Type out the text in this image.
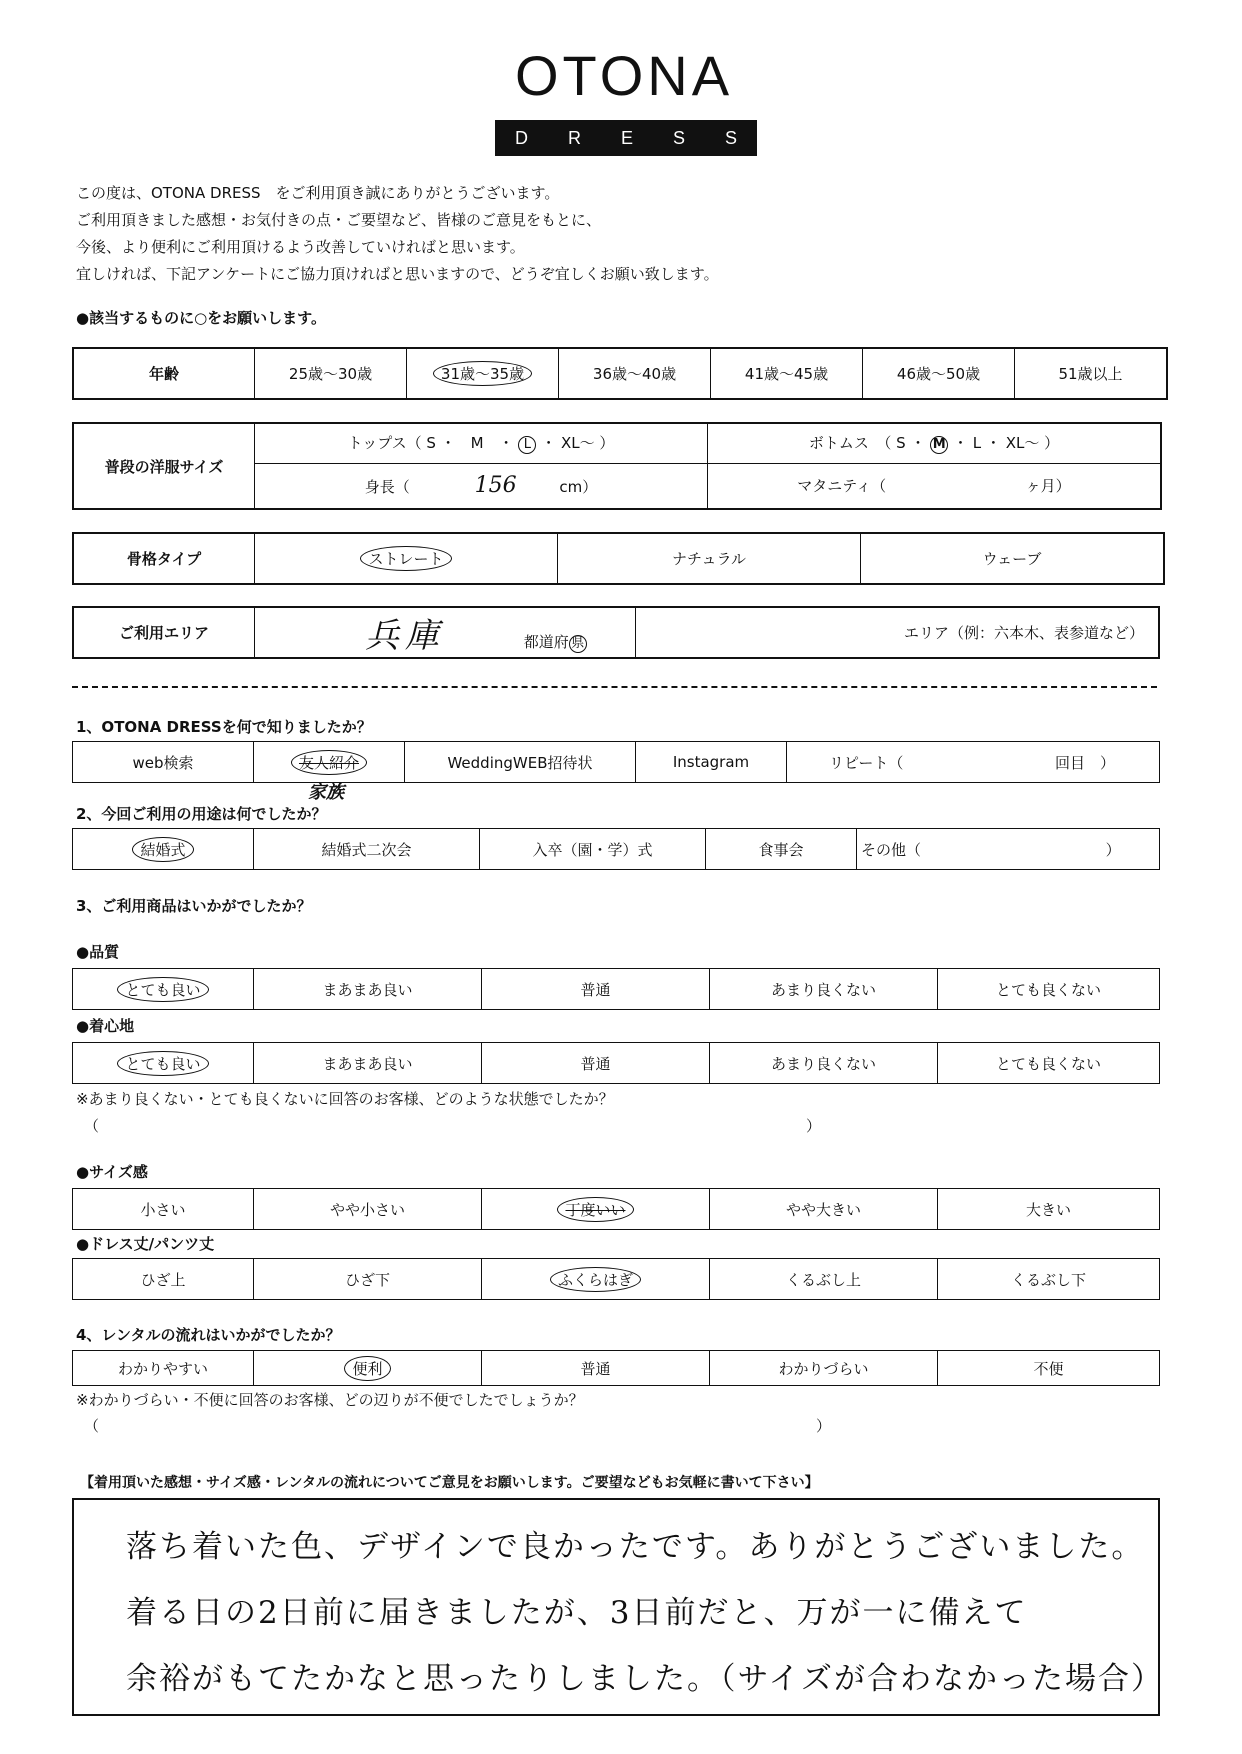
OTONA
D R E S S
この度は、OTONA DRESS　をご利用頂き誠にありがとうございます。
ご利用頂きました感想・お気付きの点・ご要望など、皆様のご意見をもとに、
今後、より便利にご利用頂けるよう改善していければと思います。
宜しければ、下記アンケートにご協力頂ければと思いますので、どうぞ宜しくお願い致します。
●該当するものに○をお願いします。
年齢	25歳～30歳	31歳～35歳	36歳～40歳	41歳～45歳	46歳～50歳	51歳以上
普段の洋服サイズ	トップス（ S ・　M　・ L ・ XL～ ）	ボトムス　（ S ・ M ・ L ・ XL～ ）
	身長（ 156 cm）	マタニティ（ ヶ月）
骨格タイプ	ストレート	ナチュラル	ウェーブ
ご利用エリア	兵庫	都道府 県	エリア（例：六本木、表参道など）
1、OTONA DRESSを何で知りましたか？
web検索	友人紹介	WeddingWEB招待状	Instagram	リピート（	回目　）
家族
2、今回ご利用の用途は何でしたか？
結婚式	結婚式二次会	入卒（園・学）式	食事会	その他（	）
3、ご利用商品はいかがでしたか？
●品質
とても良い	まあまあ良い	普通	あまり良くない	とても良くない
●着心地
とても良い	まあまあ良い	普通	あまり良くない	とても良くない
※あまり良くない・とても良くないに回答のお客様、どのような状態でしたか？
（	）
●サイズ感
小さい	やや小さい	丁度いい	やや大きい	大きい
●ドレス丈/パンツ丈
ひざ上	ひざ下	ふくらはぎ	くるぶし上	くるぶし下
4、レンタルの流れはいかがでしたか？
わかりやすい	便利	普通	わかりづらい	不便
※わかりづらい・不便に回答のお客様、どの辺りが不便でしたでしょうか？
（	）
【着用頂いた感想・サイズ感・レンタルの流れについてご意見をお願いします。ご要望などもお気軽に書いて下さい】
落ち着いた色、デザインで良かったです。ありがとうございました。
着る日の2日前に届きましたが、3日前だと、万が一に備えて
余裕がもてたかなと思ったりしました。（サイズが合わなかった場合）
